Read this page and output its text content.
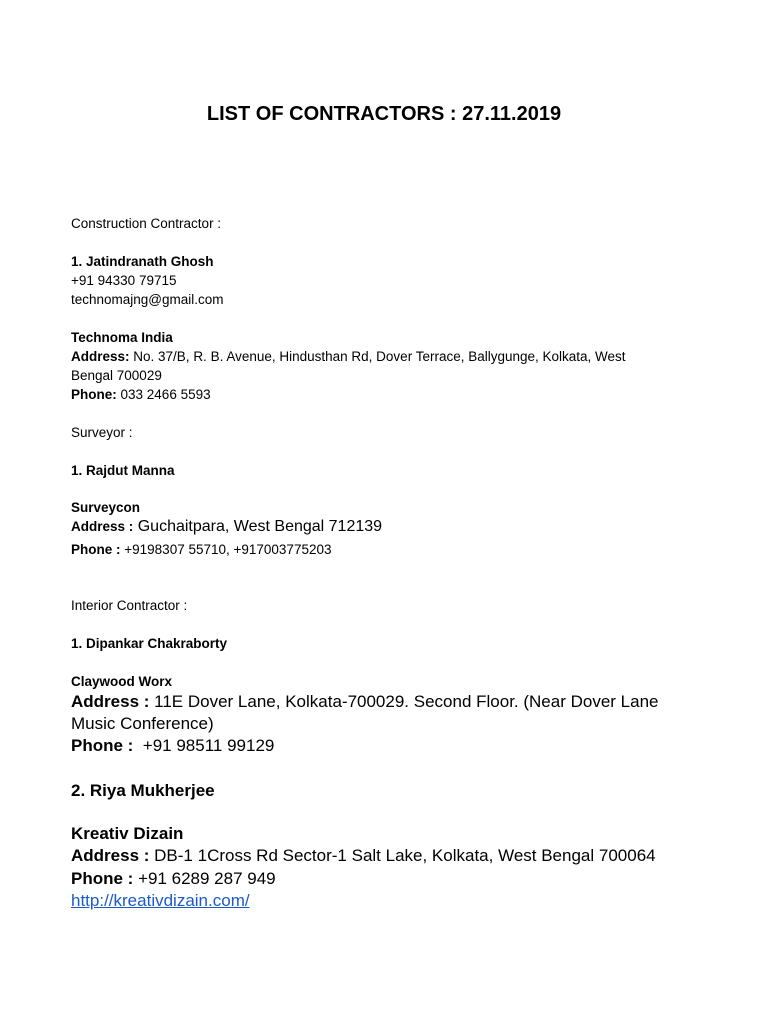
LIST OF CONTRACTORS : 27.11.2019

Construction Contractor :

1. Jatindranath Ghosh

+91 94330 79715

technomajng@gmail.com

Technoma India

Address: No. 37/B, R. B. Avenue, Hindusthan Rd, Dover Terrace, Ballygunge, Kolkata, West

Bengal 700029

Phone: 033 2466 5593

Surveyor :

1. Rajdut Manna

Surveycon

Address : Guchaitpara, West Bengal 712139

Phone : +9198307 55710, +917003775203

Interior Contractor :

1. Dipankar Chakraborty

Claywood Worx

Address : 11E Dover Lane, Kolkata-700029. Second Floor. (Near Dover Lane

Music Conference)

Phone : +91 98511 99129

2. Riya Mukherjee

Kreativ Dizain

Address : DB-1 1Cross Rd Sector-1 Salt Lake, Kolkata, West Bengal 700064

Phone : +91 6289 287 949

http://kreativdizain.com/
